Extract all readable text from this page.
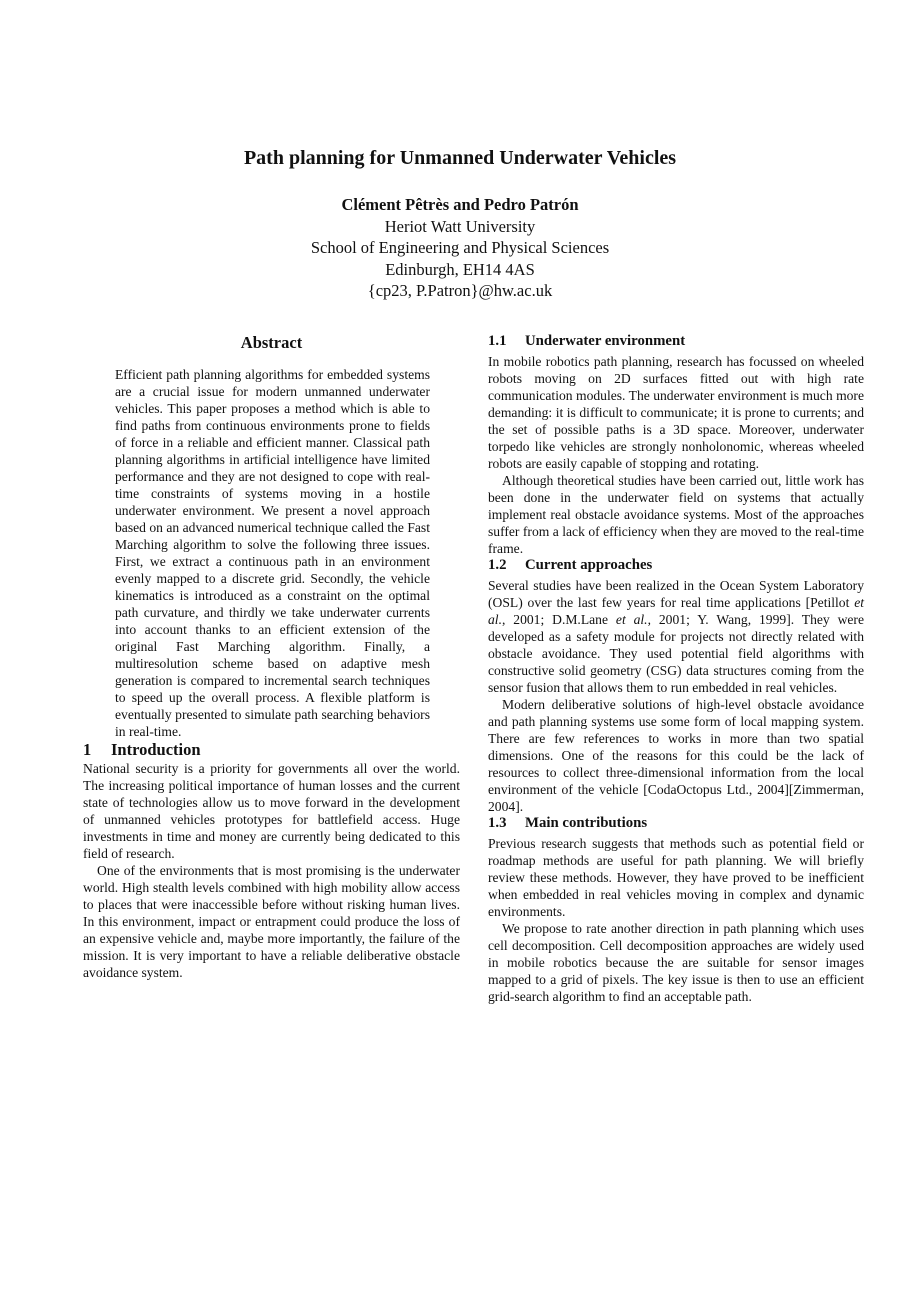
Path planning for Unmanned Underwater Vehicles
Clément Pêtrès and Pedro Patrón
Heriot Watt University
School of Engineering and Physical Sciences
Edinburgh, EH14 4AS
{cp23, P.Patron}@hw.ac.uk
Abstract

Efficient path planning algorithms for embedded systems are a crucial issue for modern unmanned underwater vehicles. This paper proposes a method which is able to find paths from continuous environments prone to fields of force in a reliable and efficient manner. Classical path planning algorithms in artificial intelligence have limited performance and they are not designed to cope with real-time constraints of systems moving in a hostile underwater environment. We present a novel approach based on an advanced numerical technique called the Fast Marching algorithm to solve the following three issues. First, we extract a continuous path in an environment evenly mapped to a discrete grid. Secondly, the vehicle kinematics is introduced as a constraint on the optimal path curvature, and thirdly we take underwater currents into account thanks to an efficient extension of the original Fast Marching algorithm. Finally, a multiresolution scheme based on adaptive mesh generation is compared to incremental search techniques to speed up the overall process. A flexible platform is eventually presented to simulate path searching behaviors in real-time.

1 Introduction

National security is a priority for governments all over the world. The increasing political importance of human losses and the current state of technologies allow us to move forward in the development of unmanned vehicles prototypes for battlefield access. Huge investments in time and money are currently being dedicated to this field of research.

One of the environments that is most promising is the underwater world. High stealth levels combined with high mobility allow access to places that were inaccessible before without risking human lives. In this environment, impact or entrapment could produce the loss of an expensive vehicle and, maybe more importantly, the failure of the mission. It is very important to have a reliable deliberative obstacle avoidance system.

1.1 Underwater environment

In mobile robotics path planning, research has focussed on wheeled robots moving on 2D surfaces fitted out with high rate communication modules. The underwater environment is much more demanding: it is difficult to communicate; it is prone to currents; and the set of possible paths is a 3D space. Moreover, underwater torpedo like vehicles are strongly nonholonomic, whereas wheeled robots are easily capable of stopping and rotating.

Although theoretical studies have been carried out, little work has been done in the underwater field on systems that actually implement real obstacle avoidance systems. Most of the approaches suffer from a lack of efficiency when they are moved to the real-time frame.

1.2 Current approaches

Several studies have been realized in the Ocean System Laboratory (OSL) over the last few years for real time applications [Petillot et al., 2001; D.M.Lane et al., 2001; Y. Wang, 1999]. They were developed as a safety module for projects not directly related with obstacle avoidance. They used potential field algorithms with constructive solid geometry (CSG) data structures coming from the sensor fusion that allows them to run embedded in real vehicles.

Modern deliberative solutions of high-level obstacle avoidance and path planning systems use some form of local mapping system. There are few references to works in more than two spatial dimensions. One of the reasons for this could be the lack of resources to collect three-dimensional information from the local environment of the vehicle [CodaOctopus Ltd., 2004][Zimmerman, 2004].

1.3 Main contributions

Previous research suggests that methods such as potential field or roadmap methods are useful for path planning. We will briefly review these methods. However, they have proved to be inefficient when embedded in real vehicles moving in complex and dynamic environments.

We propose to rate another direction in path planning which uses cell decomposition. Cell decomposition approaches are widely used in mobile robotics because the are suitable for sensor images mapped to a grid of pixels. The key issue is then to use an efficient grid-search algorithm to find an acceptable path.
